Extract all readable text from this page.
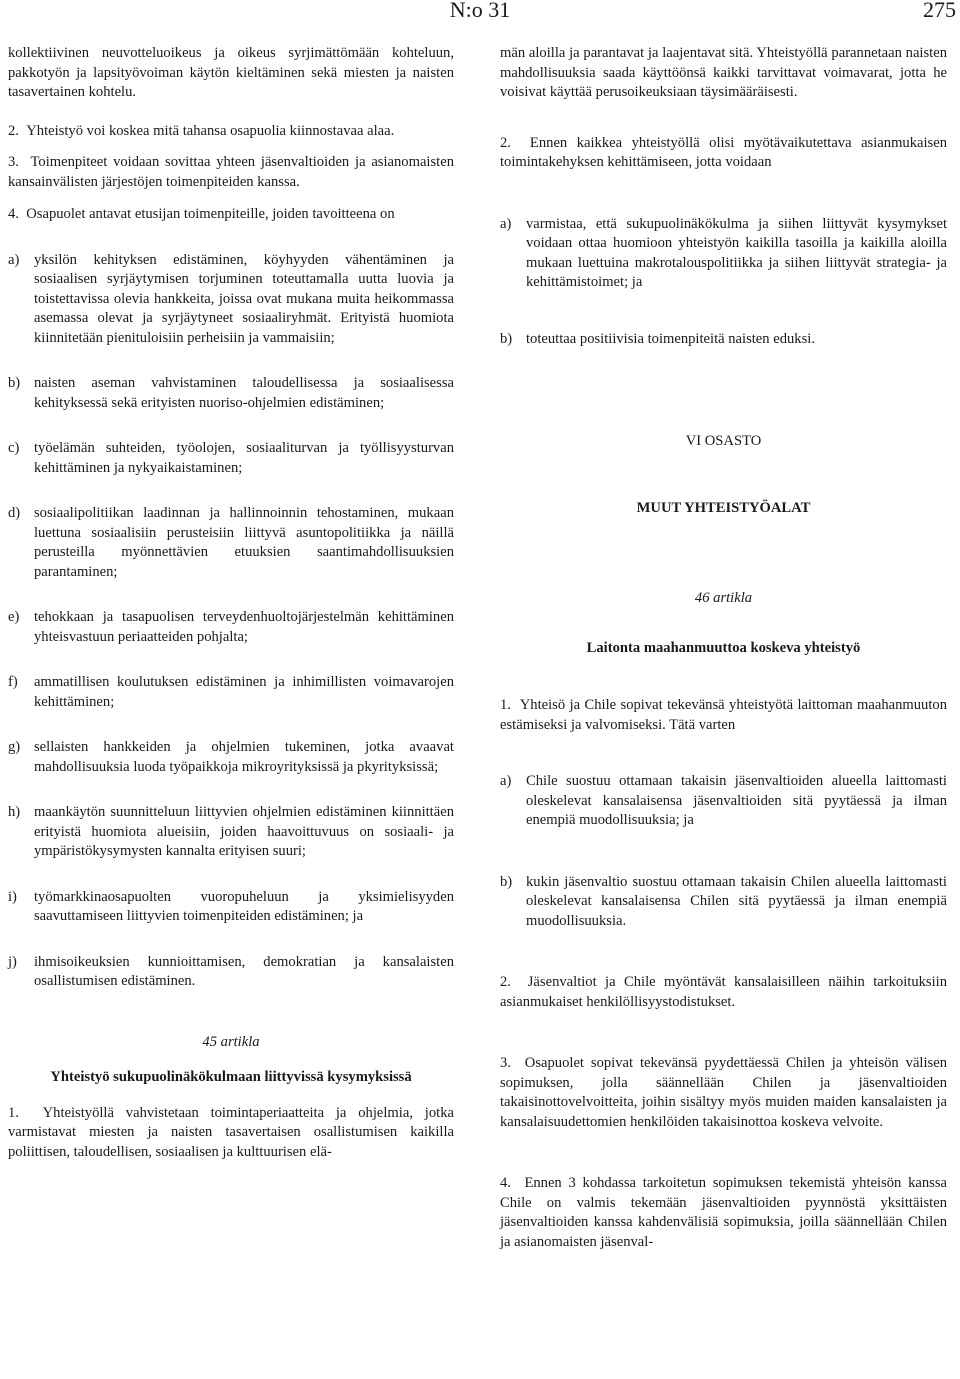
N:o 31	275

kollektiivinen neuvotteluoikeus ja oikeus syrjimättömään kohteluun, pakkotyön ja lapsityövoiman käytön kieltäminen sekä miesten ja naisten tasavertainen kohtelu.

2.  Yhteistyö voi koskea mitä tahansa osapuolia kiinnostavaa alaa.

3.  Toimenpiteet voidaan sovittaa yhteen jäsenvaltioiden ja asianomaisten kansainvälisten järjestöjen toimenpiteiden kanssa.

4.  Osapuolet antavat etusijan toimenpiteille, joiden tavoitteena on

a)	yksilön kehityksen edistäminen, köyhyyden vähentäminen ja sosiaalisen syrjäytymisen torjuminen toteuttamalla uutta luovia ja toistettavissa olevia hankkeita, joissa ovat mukana muita heikommassa asemassa olevat ja syrjäytyneet sosiaaliryhmät. Erityistä huomiota kiinnitetään pienituloisiin perheisiin ja vammaisiin;
b) naisten aseman vahvistaminen taloudellisessa ja sosiaalisessa kehityksessä sekä erityisten nuoriso-ohjelmien edistäminen;
c)	työelämän suhteiden, työolojen, sosiaaliturvan ja työllisyysturvan kehittäminen ja nykyaikaistaminen;
d) sosiaalipolitiikan laadinnan ja hallinnoinnin tehostaminen, mukaan luettuna sosiaalisiin perusteisiin liittyvä asuntopolitiikka ja näillä perusteilla myönnettävien etuuksien saantimahdollisuuksien parantaminen;
e)	tehokkaan ja tasapuolisen terveydenhuoltojärjestelmän kehittäminen yhteisvastuun periaatteiden pohjalta;
f)	ammatillisen koulutuksen edistäminen ja inhimillisten voimavarojen kehittäminen;
g) sellaisten hankkeiden ja ohjelmien tukeminen, jotka avaavat mahdollisuuksia luoda työpaikkoja mikroyrityksissä ja pkyrityksissä;
h) maankäytön suunnitteluun liittyvien ohjelmien edistäminen kiinnittäen erityistä huomiota alueisiin, joiden haavoittuvuus on sosiaali- ja ympäristökysymysten kannalta erityisen suuri;
i)	työmarkkinaosapuolten vuoropuheluun ja yksimielisyyden saavuttamiseen liittyvien toimenpiteiden edistäminen; ja
j)	ihmisoikeuksien kunnioittamisen, demokratian ja kansalaisten osallistumisen edistäminen.

45 artikla

Yhteistyö sukupuolinäkökulmaan liittyvissä kysymyksissä

1.  Yhteistyöllä vahvistetaan toimintaperiaatteita ja ohjelmia, jotka varmistavat miesten ja naisten tasavertaisen osallistumisen kaikilla poliittisen, taloudellisen, sosiaalisen ja kulttuurisen elä-

män aloilla ja parantavat ja laajentavat sitä. Yhteistyöllä parannetaan naisten mahdollisuuksia saada käyttöönsä kaikki tarvittavat voimavarat, jotta he voisivat käyttää perusoikeuksiaan täysimääräisesti.

2.  Ennen kaikkea yhteistyöllä olisi myötävaikutettava asianmukaisen toimintakehyksen kehittämiseen, jotta voidaan

a)	varmistaa, että sukupuolinäkökulma ja siihen liittyvät kysymykset voidaan ottaa huomioon yhteistyön kaikilla tasoilla ja kaikilla aloilla mukaan luettuina makrotalouspolitiikka ja siihen liittyvät strategia- ja kehittämistoimet; ja
b) toteuttaa positiivisia toimenpiteitä naisten eduksi.

VI OSASTO

MUUT YHTEISTYÖALAT

46 artikla

Laitonta maahanmuuttoa koskeva yhteistyö

1.  Yhteisö ja Chile sopivat tekevänsä yhteistyötä laittoman maahanmuuton estämiseksi ja valvomiseksi. Tätä varten

a)	Chile suostuu ottamaan takaisin jäsenvaltioiden alueella laittomasti oleskelevat kansalaisensa jäsenvaltioiden sitä pyytäessä ja ilman enempiä muodollisuuksia; ja
b) kukin jäsenvaltio suostuu ottamaan takaisin Chilen alueella laittomasti oleskelevat kansalaisensa Chilen sitä pyytäessä ja ilman enempiä muodollisuuksia.

2.  Jäsenvaltiot ja Chile myöntävät kansalaisilleen näihin tarkoituksiin asianmukaiset henkilöllisyystodistukset.

3.  Osapuolet sopivat tekevänsä pyydettäessä Chilen ja yhteisön välisen sopimuksen, jolla säännellään Chilen ja jäsenvaltioiden takaisinottovelvoitteita, joihin sisältyy myös muiden maiden kansalaisten ja kansalaisuudettomien henkilöiden takaisinottoa koskeva velvoite.

4.  Ennen 3 kohdassa tarkoitetun sopimuksen tekemistä yhteisön kanssa Chile on valmis tekemään jäsenvaltioiden pyynnöstä yksittäisten jäsenvaltioiden kanssa kahdenvälisiä sopimuksia, joilla säännellään Chilen ja asianomaisten jäsenval-
